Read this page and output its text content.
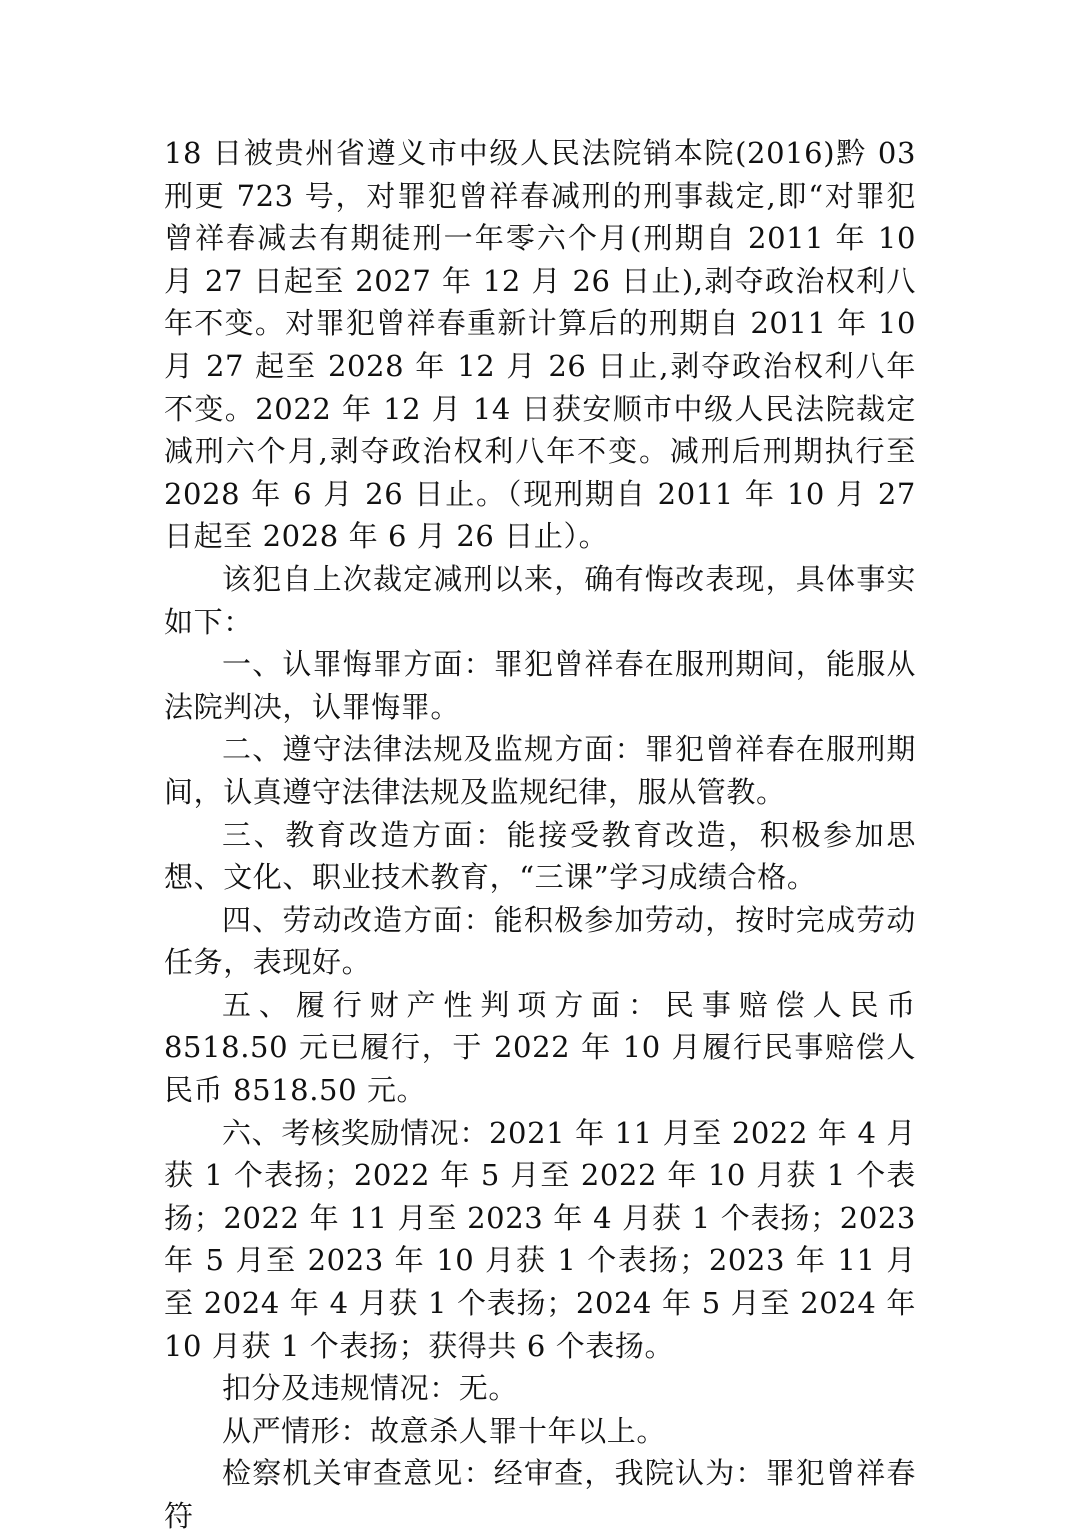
18 日被贵州省遵义市中级人民法院销本院(2016)黔 03 刑更 723 号，对罪犯曾祥春减刑的刑事裁定,即“对罪犯曾祥春减去有期徒刑一年零六个月(刑期自 2011 年 10 月 27 日起至 2027 年 12 月 26 日止),剥夺政治权利八年不变。对罪犯曾祥春重新计算后的刑期自 2011 年 10 月 27 起至 2028 年 12 月 26 日止,剥夺政治权利八年不变。2022 年 12 月 14 日获安顺市中级人民法院裁定减刑六个月,剥夺政治权利八年不变。减刑后刑期执行至 2028 年 6 月 26 日止。（现刑期自 2011 年 10 月 27 日起至 2028 年 6 月 26 日止）。

该犯自上次裁定减刑以来，确有悔改表现，具体事实如下：

一、认罪悔罪方面：罪犯曾祥春在服刑期间，能服从法院判决，认罪悔罪。

二、遵守法律法规及监规方面：罪犯曾祥春在服刑期间，认真遵守法律法规及监规纪律，服从管教。

三、教育改造方面：能接受教育改造，积极参加思想、文化、职业技术教育，“三课”学习成绩合格。

四、劳动改造方面：能积极参加劳动，按时完成劳动任务，表现好。

五、履行财产性判项方面：民事赔偿人民币 8518.50 元已履行，于 2022 年 10 月履行民事赔偿人民币 8518.50 元。

六、考核奖励情况：2021 年 11 月至 2022 年 4 月获 1 个表扬；2022 年 5 月至 2022 年 10 月获 1 个表扬；2022 年 11 月至 2023 年 4 月获 1 个表扬；2023 年 5 月至 2023 年 10 月获 1 个表扬；2023 年 11 月至 2024 年 4 月获 1 个表扬；2024 年 5 月至 2024 年 10 月获 1 个表扬；获得共 6 个表扬。

扣分及违规情况：无。

从严情形：故意杀人罪十年以上。

检察机关审查意见：经审查，我院认为：罪犯曾祥春符
